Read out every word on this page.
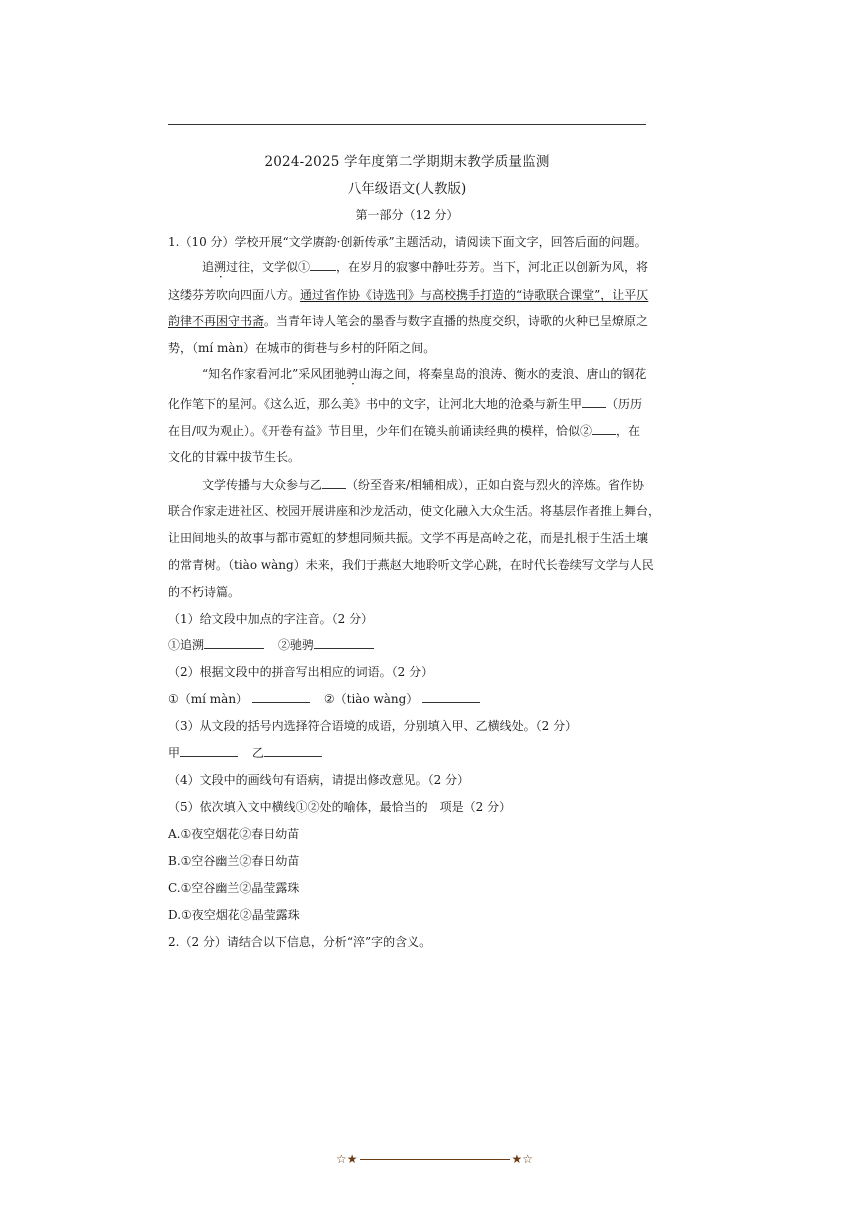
2024-2025 学年度第二学期期末教学质量监测
八年级语文(人教版)
第一部分（12 分）
1.（10 分）学校开展“文学赓韵·创新传承”主题活动，请阅读下面文字，回答后面的问题。
追溯过往，文学似① ，在岁月的寂寥中静吐芬芳。当下，河北正以创新为风，将
这缕芬芳吹向四面八方。通过省作协《诗选刊》与高校携手打造的“诗歌联合课堂”，让平仄
韵律不再困守书斋。当青年诗人笔会的墨香与数字直播的热度交织，诗歌的火种已呈燎原之
势，（mí màn）在城市的街巷与乡村的阡陌之间。
“知名作家看河北”采风团驰骋山海之间，将秦皇岛的浪涛、衡水的麦浪、唐山的钢花
化作笔下的星河。《这么近，那么美》书中的文字，让河北大地的沧桑与新生甲 （历历
在目/叹为观止）。《开卷有益》节目里，少年们在镜头前诵读经典的模样，恰似② ，在
文化的甘霖中拔节生长。
文学传播与大众参与乙 （纷至沓来/相辅相成），正如白瓷与烈火的淬炼。省作协
联合作家走进社区、校园开展讲座和沙龙活动，使文化融入大众生活。将基层作者推上舞台，
让田间地头的故事与都市霓虹的梦想同频共振。文学不再是高岭之花，而是扎根于生活土壤
的常青树。（tiào wàng）未来，我们于燕赵大地聆听文学心跳，在时代长卷续写文学与人民
的不朽诗篇。
（1）给文段中加点的字注音。（2 分）
①追溯	②驰骋
（2）根据文段中的拼音写出相应的词语。（2 分）
①（mí màn）	②（tiào wàng）
（3）从文段的括号内选择符合语境的成语，分别填入甲、乙横线处。（2 分）
甲	乙
（4）文段中的画线句有语病，请提出修改意见。（2 分）
（5）依次填入文中横线①②处的喻体，最恰当的　项是（2 分）
A.①夜空烟花②春日幼苗
B.①空谷幽兰②春日幼苗
C.①空谷幽兰②晶莹露珠
D.①夜空烟花②晶莹露珠
2.（2 分）请结合以下信息，分析“淬”字的含义。
☆★	★☆
